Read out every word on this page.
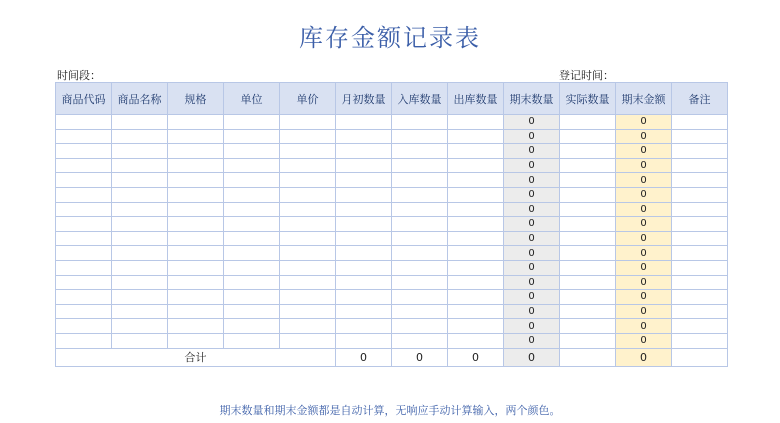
库存金额记录表
时间段：	登记时间：
商品代码	商品名称	规格	单位	单价	月初数量	入库数量	出库数量	期末数量	实际数量	期末金额	备注
								0		0	
								0		0	
								0		0	
								0		0	
								0		0	
								0		0	
								0		0	
								0		0	
								0		0	
								0		0	
								0		0	
								0		0	
								0		0	
								0		0	
								0		0	
								0		0	
合计					0	0	0	0		0	
期末数量和期末金额都是自动计算，无响应手动计算输入，两个颜色。
